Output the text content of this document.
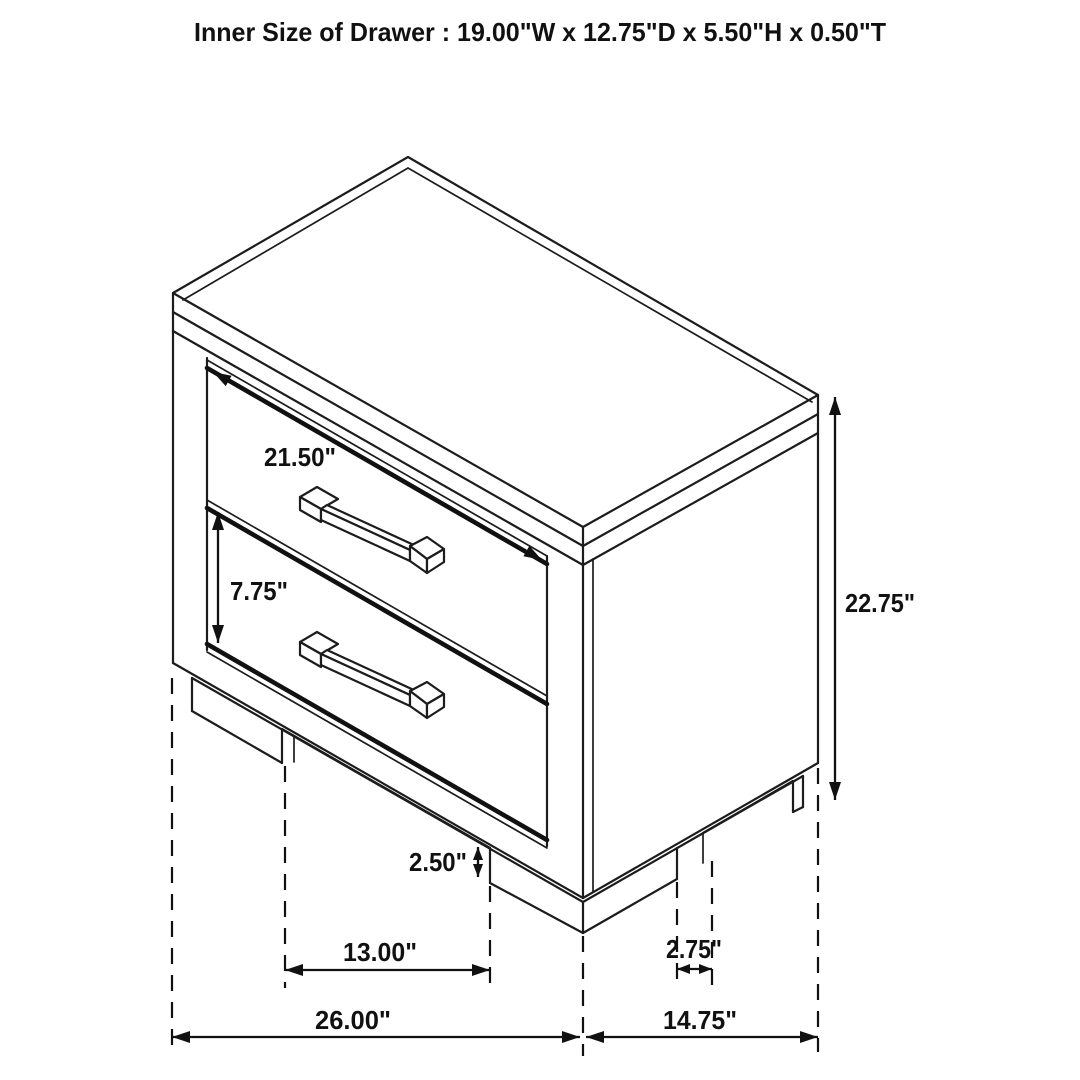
Inner Size of Drawer : 19.00"W x 12.75"D x 5.50"H x 0.50"T
21.50"
7.75"	22.75"
2.50"
13.00"	2.75"
26.00"	14.75"
